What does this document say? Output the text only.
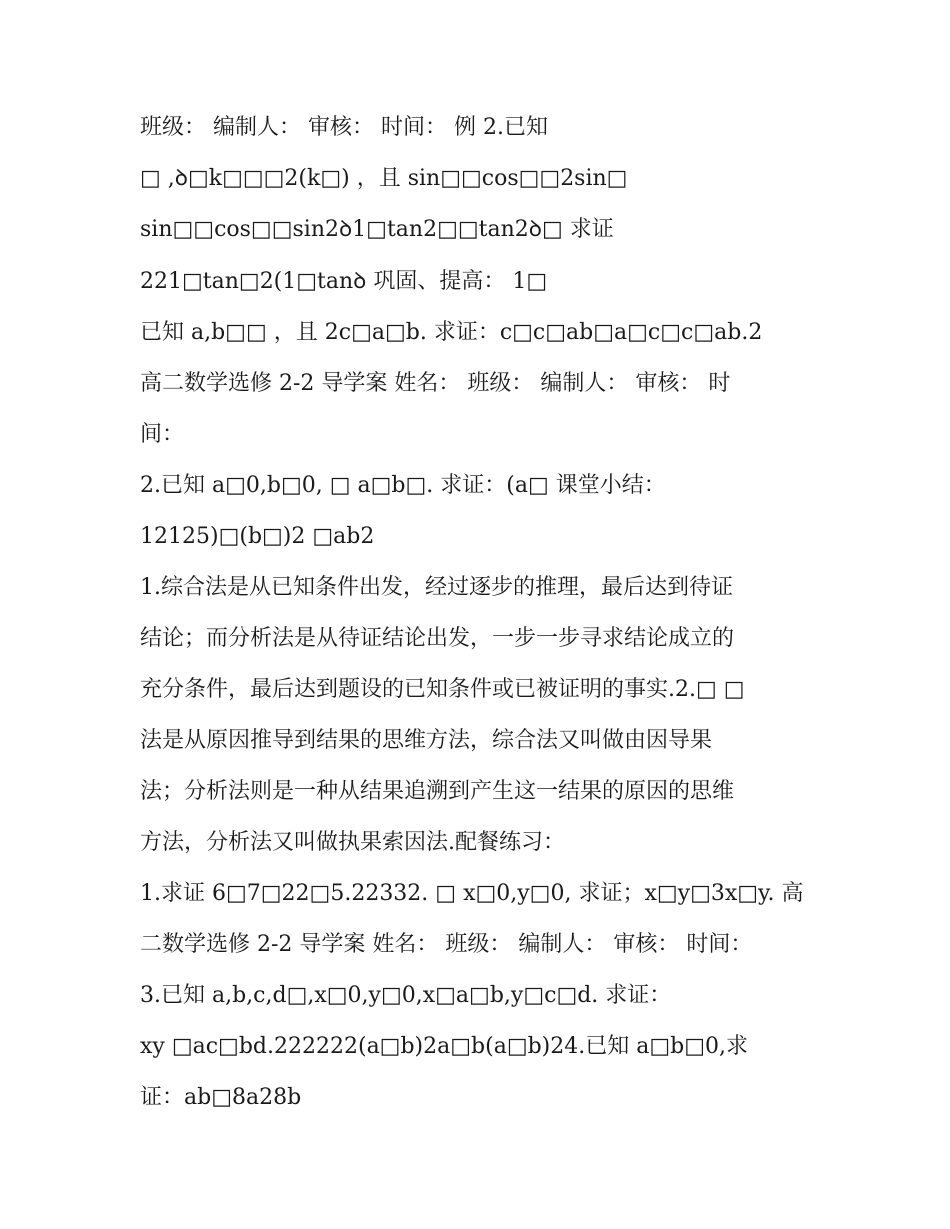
班级： 编制人： 审核： 时间： 例 2.已知
□ ,ꝺ□k□□□2(k□) ，且 sin□□cos□□2sin□
sin□□cos□□sin2ꝺ1□tan2□□tan2ꝺ□ 求证
221□tan□2(1□tanꝺ 巩固、提高： 1□
已知 a,b□□ ，且 2c□a□b. 求证：c□c□ab□a□c□c□ab.2
高二数学选修 2-2 导学案 姓名： 班级： 编制人： 审核： 时
间：
2.已知 a□0,b□0, □ a□b□. 求证：(a□ 课堂小结：
12125)□(b□)2 □ab2
1.综合法是从已知条件出发，经过逐步的推理，最后达到待证
结论；而分析法是从待证结论出发，一步一步寻求结论成立的
充分条件，最后达到题设的已知条件或已被证明的事实.2.□ □
法是从原因推导到结果的思维方法，综合法又叫做由因导果
法；分析法则是一种从结果追溯到产生这一结果的原因的思维
方法，分析法又叫做执果索因法.配餐练习：
1.求证 6□7□22□5.22332. □ x□0,y□0, 求证；x□y□3x□y. 高
二数学选修 2-2 导学案 姓名： 班级： 编制人： 审核： 时间：
3.已知 a,b,c,d□,x□0,y□0,x□a□b,y□c□d. 求证：
xy □ac□bd.222222(a□b)2a□b(a□b)24.已知 a□b□0,求
证：ab□8a28b
